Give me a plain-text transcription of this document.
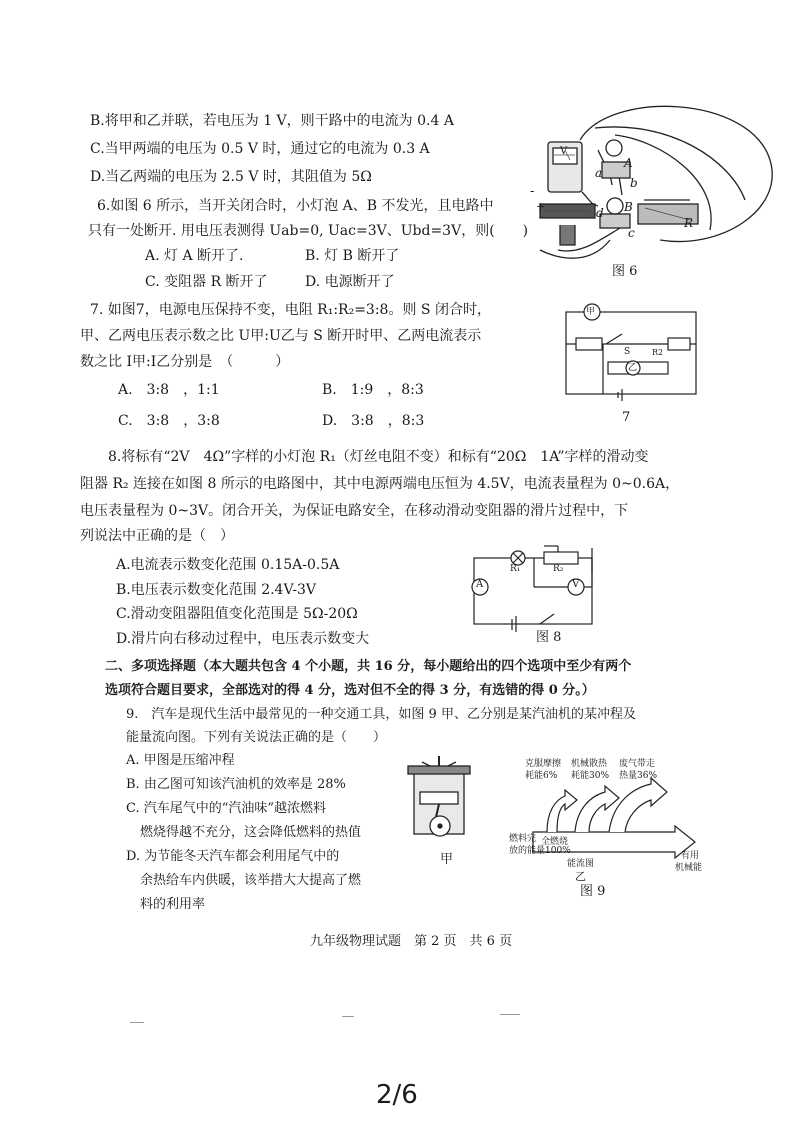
B.将甲和乙并联，若电压为 1 V，则干路中的电流为 0.4 A
C.当甲两端的电压为 0.5 V 时，通过它的电流为 0.3 A
D.当乙两端的电压为 2.5 V 时，其阻值为 5Ω
6.如图 6 所示，当开关闭合时，小灯泡 A、B 不发光，且电路中
只有一处断开. 用电压表测得 Uab=0, Uac=3V、Ubd=3V，则(　　)
A. 灯 A 断开了.	B. 灯 B 断开了
C. 变阻器 R 断开了	D. 电源断开了
V
a
A
B
b
d
c
R
-
+
图 6
7. 如图7，电源电压保持不变，电阻 R₁:R₂=3:8。则 S 闭合时，
甲、乙两电压表示数之比 U甲:U乙与 S 断开时甲、乙两电流表示
数之比 I甲:I乙分别是　（　　　）
A.　3:8　，1:1	B.　1:9　，8:3
C.　3:8　，3:8	D.　3:8　，8:3
甲
乙
S	R2
7
8.将标有“2V　4Ω”字样的小灯泡 R₁（灯丝电阻不变）和标有“20Ω　1A”字样的滑动变
阻器 R₂ 连接在如图 8 所示的电路图中，其中电源两端电压恒为 4.5V，电流表量程为 0~0.6A，
电压表量程为 0~3V。闭合开关，为保证电路安全，在移动滑动变阻器的滑片过程中，下
列说法中正确的是（　）
A.电流表示数变化范围 0.15A-0.5A
B.电压表示数变化范围 2.4V-3V
C.滑动变阻器阻值变化范围是 5Ω-20Ω
D.滑片向右移动过程中，电压表示数变大
R₁	R₂
A	V
图 8
二、多项选择题（本大题共包含 4 个小题，共 16 分，每小题给出的四个选项中至少有两个
选项符合题目要求，全部选对的得 4 分，选对但不全的得 3 分，有选错的得 0 分。）
9.　汽车是现代生活中最常见的一种交通工具，如图 9 甲、乙分别是某汽油机的某冲程及
能量流向图。下列有关说法正确的是（　　）
A. 甲图是压缩冲程
B. 由乙图可知该汽油机的效率是 28%
C. 汽车尾气中的“汽油味”越浓燃料
燃烧得越不充分，这会降低燃料的热值
D. 为节能冬天汽车都会利用尾气中的
余热给车内供暖，该举措大大提高了燃
料的利用率
甲
克服摩擦
耗能6%
机械散热
耗能30%
废气带走
热量36%
燃料完
放的能量100%
全燃烧
有用
机械能
能流图
乙
图 9
九年级物理试题　第 2 页　共 6 页
2/6
